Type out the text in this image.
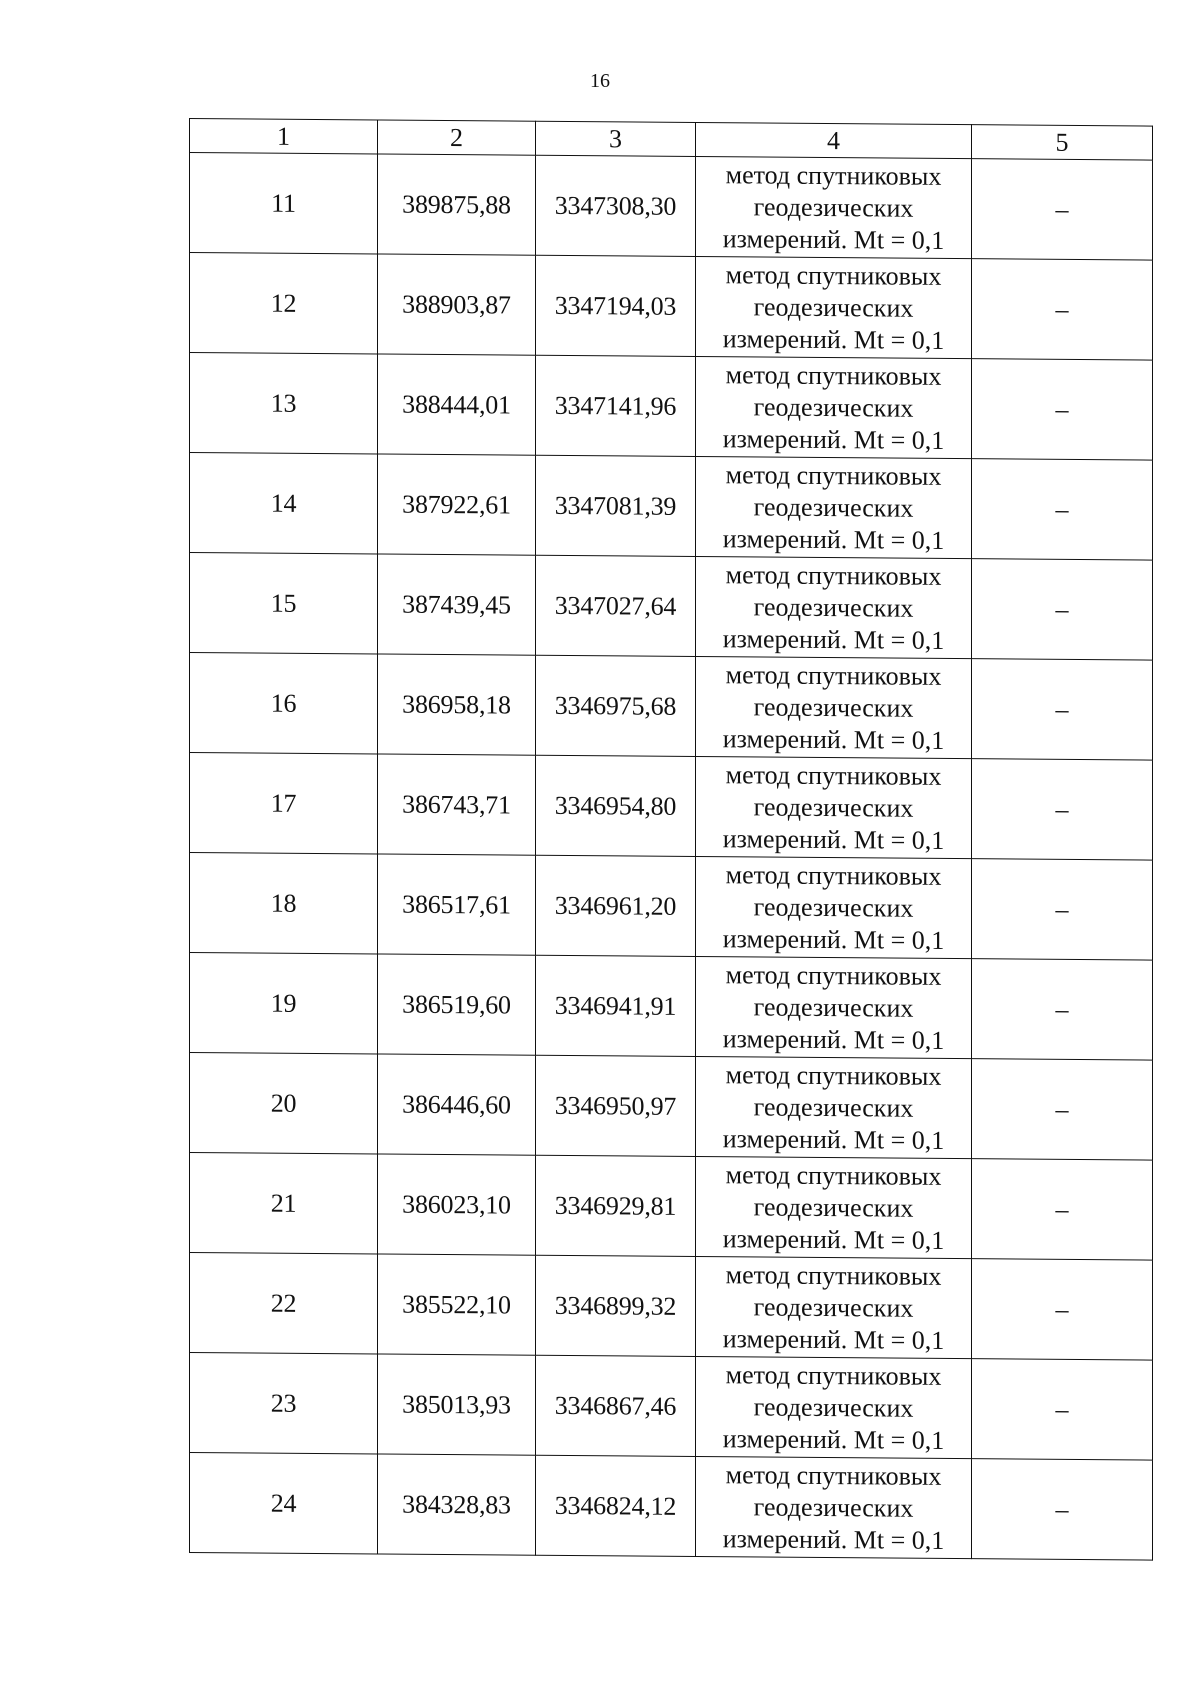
16
1	2	3	4	5
11	389875,88	3347308,30	метод спутниковых
геодезических
измерений. Mt = 0,1	–
12	388903,87	3347194,03	метод спутниковых
геодезических
измерений. Mt = 0,1	–
13	388444,01	3347141,96	метод спутниковых
геодезических
измерений. Mt = 0,1	–
14	387922,61	3347081,39	метод спутниковых
геодезических
измерений. Mt = 0,1	–
15	387439,45	3347027,64	метод спутниковых
геодезических
измерений. Mt = 0,1	–
16	386958,18	3346975,68	метод спутниковых
геодезических
измерений. Mt = 0,1	–
17	386743,71	3346954,80	метод спутниковых
геодезических
измерений. Mt = 0,1	–
18	386517,61	3346961,20	метод спутниковых
геодезических
измерений. Mt = 0,1	–
19	386519,60	3346941,91	метод спутниковых
геодезических
измерений. Mt = 0,1	–
20	386446,60	3346950,97	метод спутниковых
геодезических
измерений. Mt = 0,1	–
21	386023,10	3346929,81	метод спутниковых
геодезических
измерений. Mt = 0,1	–
22	385522,10	3346899,32	метод спутниковых
геодезических
измерений. Mt = 0,1	–
23	385013,93	3346867,46	метод спутниковых
геодезических
измерений. Mt = 0,1	–
24	384328,83	3346824,12	метод спутниковых
геодезических
измерений. Mt = 0,1	–
